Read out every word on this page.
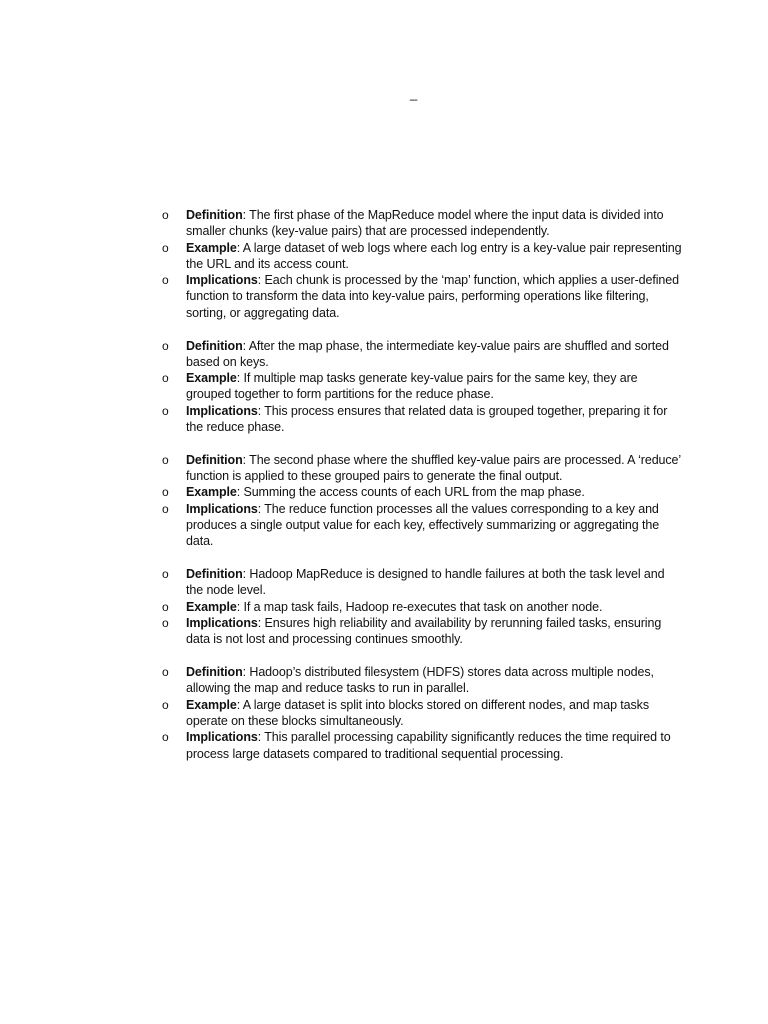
_
o Definition: The first phase of the MapReduce model where the input data is divided into smaller chunks (key-value pairs) that are processed independently.
o Example: A large dataset of web logs where each log entry is a key-value pair representing the URL and its access count.
o Implications: Each chunk is processed by the ‘map’ function, which applies a user-defined function to transform the data into key-value pairs, performing operations like filtering, sorting, or aggregating data.
o Definition: After the map phase, the intermediate key-value pairs are shuffled and sorted based on keys.
o Example: If multiple map tasks generate key-value pairs for the same key, they are grouped together to form partitions for the reduce phase.
o Implications: This process ensures that related data is grouped together, preparing it for the reduce phase.
o Definition: The second phase where the shuffled key-value pairs are processed. A ‘reduce’ function is applied to these grouped pairs to generate the final output.
o Example: Summing the access counts of each URL from the map phase.
o Implications: The reduce function processes all the values corresponding to a key and produces a single output value for each key, effectively summarizing or aggregating the data.
o Definition: Hadoop MapReduce is designed to handle failures at both the task level and the node level.
o Example: If a map task fails, Hadoop re-executes that task on another node.
o Implications: Ensures high reliability and availability by rerunning failed tasks, ensuring data is not lost and processing continues smoothly.
o Definition: Hadoop’s distributed filesystem (HDFS) stores data across multiple nodes, allowing the map and reduce tasks to run in parallel.
o Example: A large dataset is split into blocks stored on different nodes, and map tasks operate on these blocks simultaneously.
o Implications: This parallel processing capability significantly reduces the time required to process large datasets compared to traditional sequential processing.
